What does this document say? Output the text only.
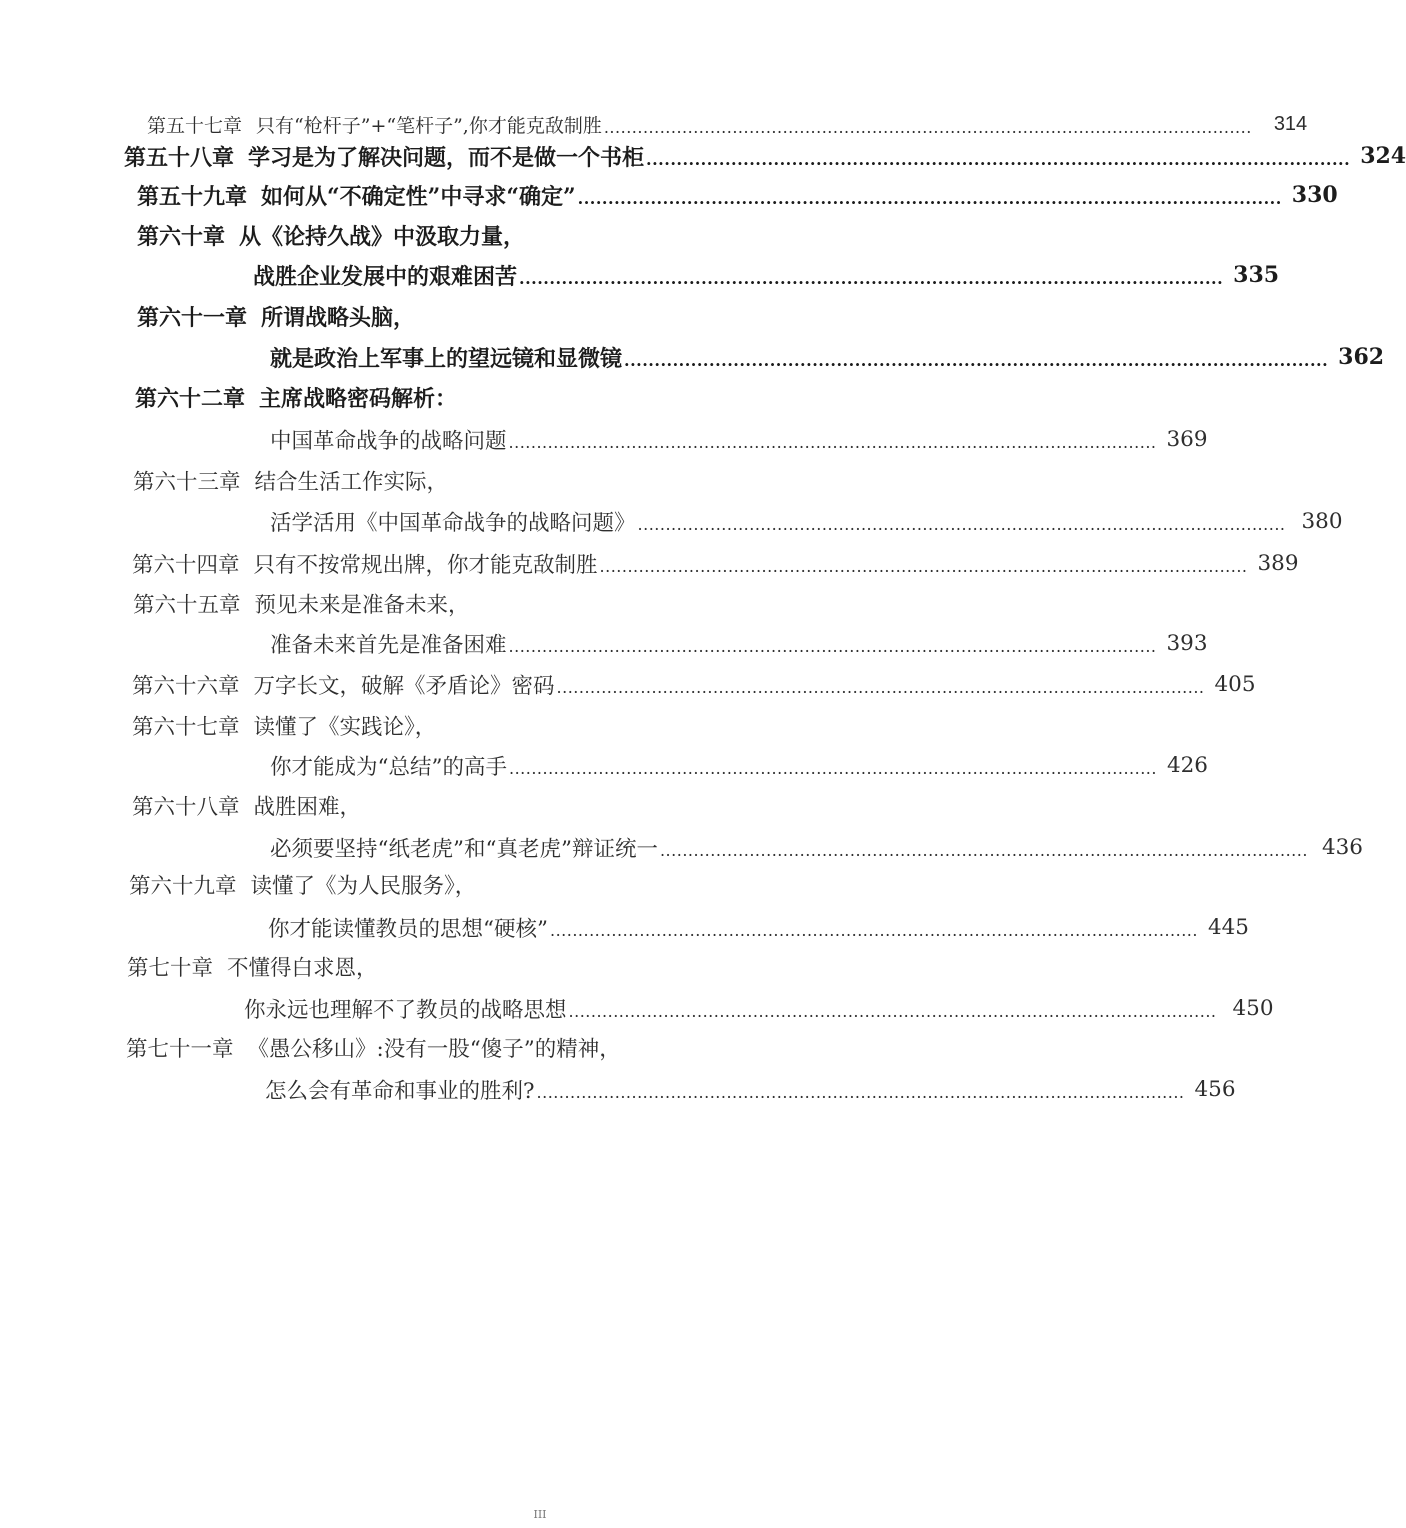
第五十七章 只有“枪杆子”+“笔杆子”,你才能克敌制胜 .................................................................................................................... 314
第五十八章 学习是为了解决问题，而不是做一个书柜 .................................................................................................................... 324
第五十九章 如何从“不确定性”中寻求“确定” .................................................................................................................... 330
第六十章 从《论持久战》中汲取力量，
战胜企业发展中的艰难困苦 .................................................................................................................... 335
第六十一章 所谓战略头脑，
就是政治上军事上的望远镜和显微镜 .................................................................................................................... 362
第六十二章 主席战略密码解析：
中国革命战争的战略问题 .................................................................................................................... 369
第六十三章 结合生活工作实际，
活学活用《中国革命战争的战略问题》 .................................................................................................................... 380
第六十四章 只有不按常规出牌，你才能克敌制胜 .................................................................................................................... 389
第六十五章 预见未来是准备未来，
准备未来首先是准备困难 .................................................................................................................... 393
第六十六章 万字长文，破解《矛盾论》密码 .................................................................................................................... 405
第六十七章 读懂了《实践论》，
你才能成为“总结”的高手 .................................................................................................................... 426
第六十八章 战胜困难，
必须要坚持“纸老虎”和“真老虎”辩证统一 .................................................................................................................... 436
第六十九章 读懂了《为人民服务》，
你才能读懂教员的思想“硬核” .................................................................................................................... 445
第七十章 不懂得白求恩，
你永远也理解不了教员的战略思想 .................................................................................................................... 450
第七十一章 《愚公移山》:没有一股“傻子”的精神，
怎么会有革命和事业的胜利? .................................................................................................................... 456
III
